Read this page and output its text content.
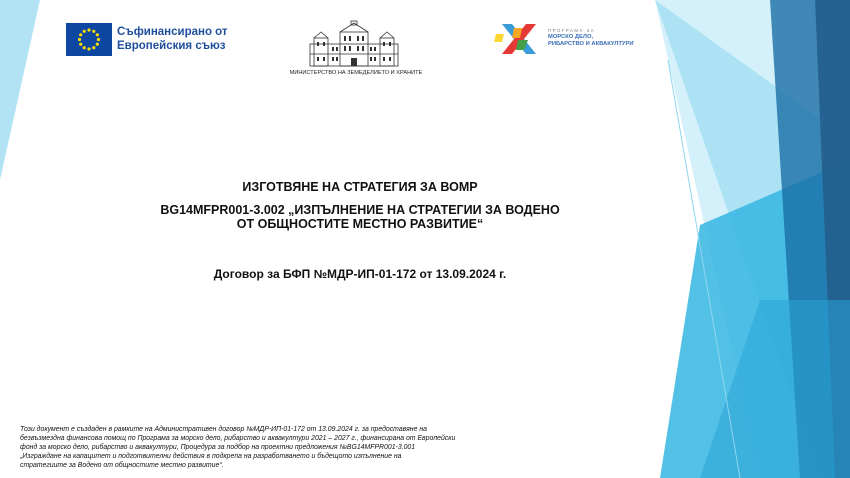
Съфинансирано от
Европейския съюз
МИНИСТЕРСТВО НА ЗЕМЕДЕЛИЕТО И ХРАНИТЕ
ПРОГРАМА ЗА
МОРСКО ДЕЛО,
РИБАРСТВО И АКВАКУЛТУРИ
ИЗГОТВЯНЕ НА СТРАТЕГИЯ ЗА ВОМР
BG14MFPR001-3.002 „ИЗПЪЛНЕНИЕ НА СТРАТЕГИИ ЗА ВОДЕНО
ОТ ОБЩНОСТИТЕ МЕСТНО РАЗВИТИЕ“
Договор за БФП №МДР-ИП-01-172 от 13.09.2024 г.
Този документ е създаден в рамките на Административен договор №МДР-ИП-01-172 от 13.09.2024 г. за предоставяне на
безвъзмездна финансова помощ по Програма за морско дело, рибарство и аквакултури 2021 – 2027 г., финансирана от Европейски
фонд за морско дело, рибарство и аквакултури, Процедура за подбор на проектни предложения №BG14MFPR001-3.001
„Изграждане на капацитет и подготвителни действия в подкрепа на разработването и бъдещото изпълнение на
стратегиите за Водено от общностите местно развитие“.
